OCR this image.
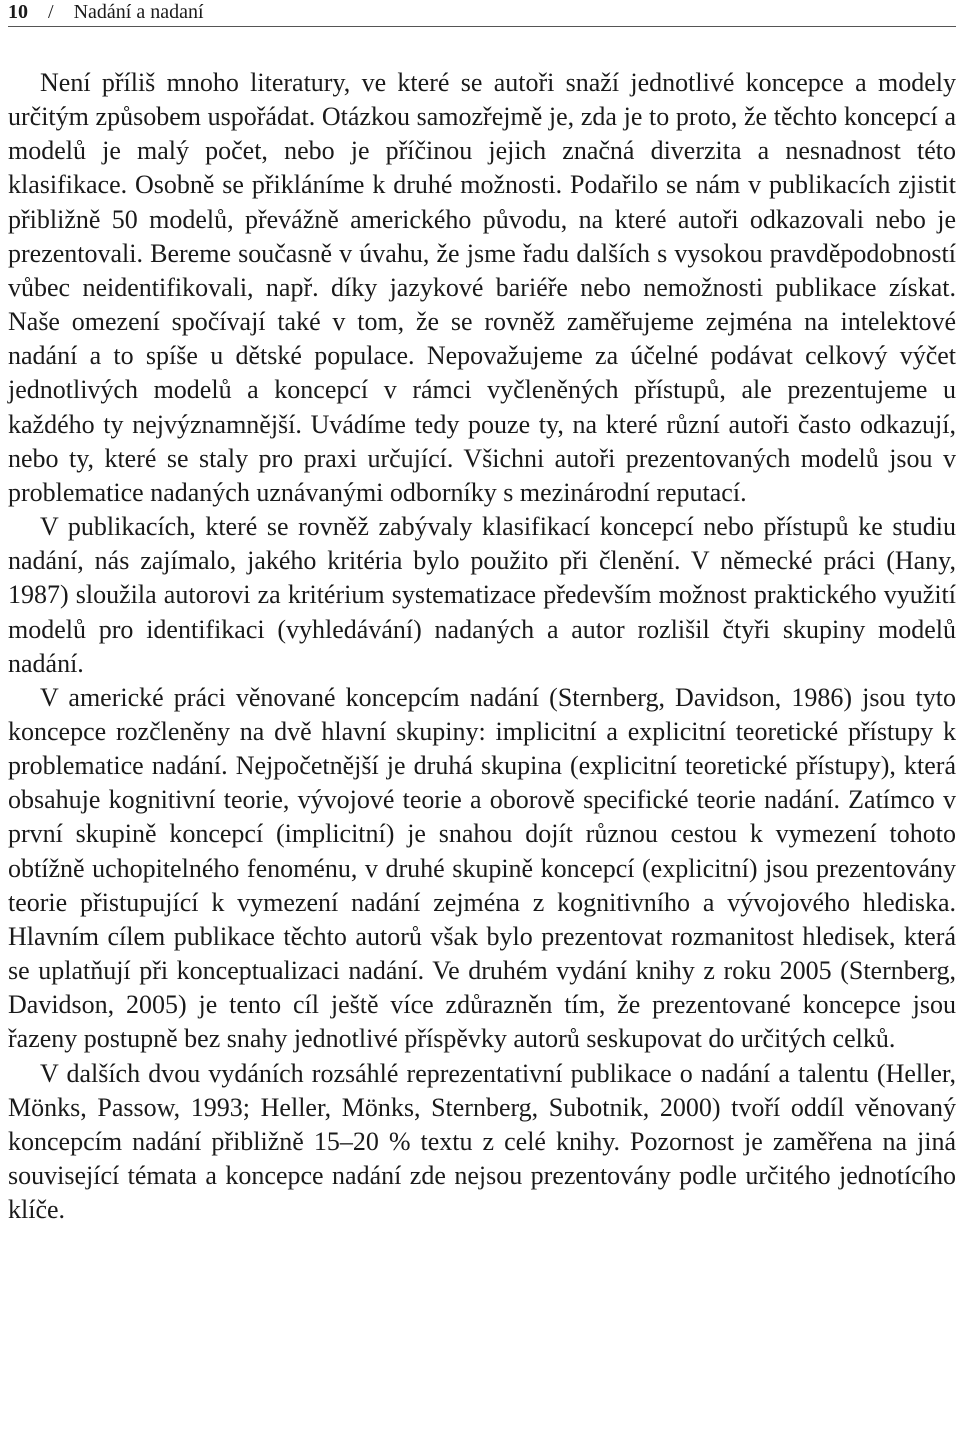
10 / Nadání a nadaní

Není příliš mnoho literatury, ve které se autoři snaží jednotlivé koncepce a modely určitým způsobem uspořádat. Otázkou samozřejmě je, zda je to proto, že těchto koncepcí a modelů je malý počet, nebo je příčinou jejich značná diverzita a nesnadnost této klasifikace. Osobně se přikláníme k druhé možnosti. Podařilo se nám v publikacích zjistit přibližně 50 modelů, převážně amerického původu, na které autoři odkazovali nebo je prezentovali. Bereme současně v úvahu, že jsme řadu dalších s vysokou pravděpodobností vůbec neidentifikovali, např. díky jazykové bariéře nebo nemožnosti publikace získat. Naše omezení spočívají také v tom, že se rovněž zaměřujeme zejména na intelektové nadání a to spíše u dětské populace. Nepovažujeme za účelné podávat celkový výčet jednotlivých modelů a koncepcí v rámci vyčleněných přístupů, ale prezentujeme u každého ty nejvýznamnější. Uvádíme tedy pouze ty, na které různí autoři často odkazují, nebo ty, které se staly pro praxi určující. Všichni autoři prezentovaných modelů jsou v problematice nadaných uznávanými odborníky s mezinárodní reputací.

V publikacích, které se rovněž zabývaly klasifikací koncepcí nebo přístupů ke studiu nadání, nás zajímalo, jakého kritéria bylo použito při členění. V německé práci (Hany, 1987) sloužila autorovi za kritérium systematizace především možnost praktického využití modelů pro identifikaci (vyhledávání) nadaných a autor rozlišil čtyři skupiny modelů nadání.

V americké práci věnované koncepcím nadání (Sternberg, Davidson, 1986) jsou tyto koncepce rozčleněny na dvě hlavní skupiny: implicitní a explicitní teoretické přístupy k problematice nadání. Nejpočetnější je druhá skupina (explicitní teoretické přístupy), která obsahuje kognitivní teorie, vývojové teorie a oborově specifické teorie nadání. Zatímco v první skupině koncepcí (implicitní) je snahou dojít různou cestou k vymezení tohoto obtížně uchopitelného fenoménu, v druhé skupině koncepcí (explicitní) jsou prezentovány teorie přistupující k vymezení nadání zejména z kognitivního a vývojového hlediska. Hlavním cílem publikace těchto autorů však bylo prezentovat rozmanitost hledisek, která se uplatňují při konceptualizaci nadání. Ve druhém vydání knihy z roku 2005 (Sternberg, Davidson, 2005) je tento cíl ještě více zdůrazněn tím, že prezentované koncepce jsou řazeny postupně bez snahy jednotlivé příspěvky autorů seskupovat do určitých celků.

V dalších dvou vydáních rozsáhlé reprezentativní publikace o nadání a talentu (Heller, Mönks, Passow, 1993; Heller, Mönks, Sternberg, Subotnik, 2000) tvoří oddíl věnovaný koncepcím nadání přibližně 15–20 % textu z celé knihy. Pozornost je zaměřena na jiná související témata a koncepce nadání zde nejsou prezentovány podle určitého jednotícího klíče.
